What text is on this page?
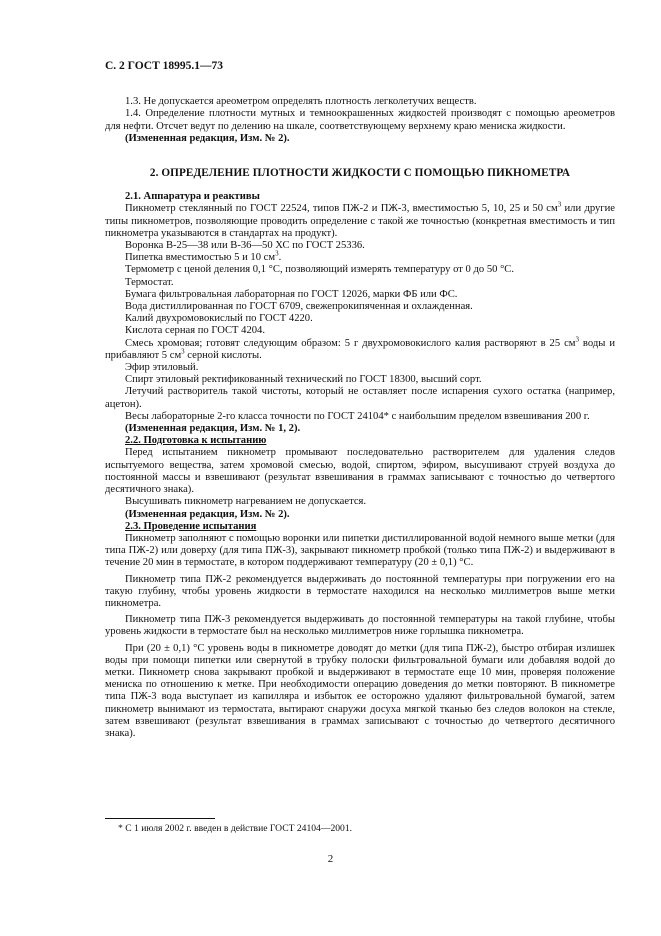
С. 2 ГОСТ 18995.1—73

1.3. Не допускается ареометром определять плотность легколетучих веществ.

1.4. Определение плотности мутных и темноокрашенных жидкостей производят с помощью ареометров для нефти. Отсчет ведут по делению на шкале, соответствующему верхнему краю мениска жидкости.

(Измененная редакция, Изм. № 2).

2. ОПРЕДЕЛЕНИЕ ПЛОТНОСТИ ЖИДКОСТИ С ПОМОЩЬЮ ПИКНОМЕТРА

2.1. Аппаратура и реактивы

Пикнометр стеклянный по ГОСТ 22524, типов ПЖ-2 и ПЖ-3, вместимостью 5, 10, 25 и 50 $см^3$ или другие типы пикнометров, позволяющие проводить определение с такой же точностью (конкретная вместимость и тип пикнометра указываются в стандартах на продукт).

Воронка В-25—38 или В-36—50 ХС по ГОСТ 25336.

Пипетка вместимостью 5 и 10 $см^3$.

Термометр с ценой деления 0,1 °С, позволяющий измерять температуру от 0 до 50 °С.

Термостат.

Бумага фильтровальная лабораторная по ГОСТ 12026, марки ФБ или ФС.

Вода дистиллированная по ГОСТ 6709, свежепрокипяченная и охлажденная.

Калий двухромовокислый по ГОСТ 4220.

Кислота серная по ГОСТ 4204.

Смесь хромовая; готовят следующим образом: 5 г двухромовокислого калия растворяют в 25 $см^3$ воды и прибавляют 5 $см^3$ серной кислоты.

Эфир этиловый.

Спирт этиловый ректификованный технический по ГОСТ 18300, высший сорт.

Летучий растворитель такой чистоты, который не оставляет после испарения сухого остатка (например, ацетон).

Весы лабораторные 2-го класса точности по ГОСТ 24104* с наибольшим пределом взвешивания 200 г.

(Измененная редакция, Изм. № 1, 2).

2.2. Подготовка к испытанию

Перед испытанием пикнометр промывают последовательно растворителем для удаления следов испытуемого вещества, затем хромовой смесью, водой, спиртом, эфиром, высушивают струей воздуха до постоянной массы и взвешивают (результат взвешивания в граммах записывают с точностью до четвертого десятичного знака).

Высушивать пикнометр нагреванием не допускается.

(Измененная редакция, Изм. № 2).

2.3. Проведение испытания

Пикнометр заполняют с помощью воронки или пипетки дистиллированной водой немного выше метки (для типа ПЖ-2) или доверху (для типа ПЖ-3), закрывают пикнометр пробкой (только типа ПЖ-2) и выдерживают в течение 20 мин в термостате, в котором поддерживают температуру (20 ± 0,1) °С.

Пикнометр типа ПЖ-2 рекомендуется выдерживать до постоянной температуры при погружении его на такую глубину, чтобы уровень жидкости в термостате находился на несколько миллиметров выше метки пикнометра.

Пикнометр типа ПЖ-3 рекомендуется выдерживать до постоянной температуры на такой глубине, чтобы уровень жидкости в термостате был на несколько миллиметров ниже горлышка пикнометра.

При (20 ± 0,1) °С уровень воды в пикнометре доводят до метки (для типа ПЖ-2), быстро отбирая излишек воды при помощи пипетки или свернутой в трубку полоски фильтровальной бумаги или добавляя водой до метки. Пикнометр снова закрывают пробкой и выдерживают в термостате еще 10 мин, проверяя положение мениска по отношению к метке. При необходимости операцию доведения до метки повторяют. В пикнометре типа ПЖ-3 вода выступает из капилляра и избыток ее осторожно удаляют фильтровальной бумагой, затем пикнометр вынимают из термостата, вытирают снаружи досуха мягкой тканью без следов волокон на стекле, затем взвешивают (результат взвешивания в граммах записывают с точностью до четвертого десятичного знака).

* С 1 июля 2002 г. введен в действие ГОСТ 24104—2001.
2
